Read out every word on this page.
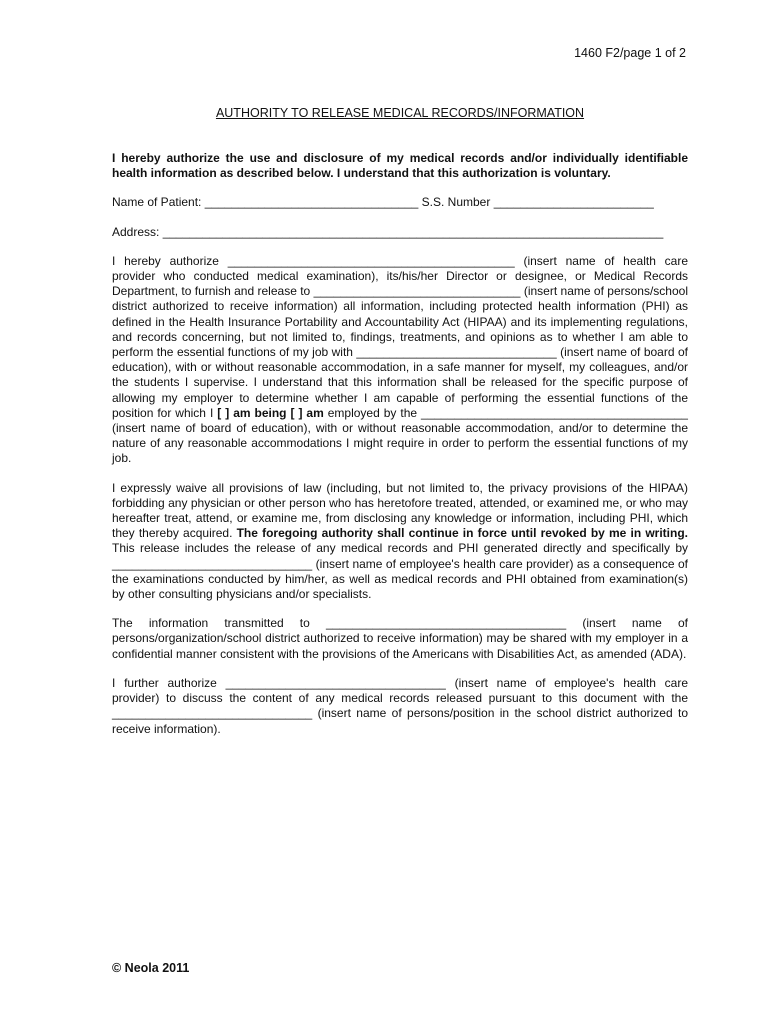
1460 F2/page 1 of 2
AUTHORITY TO RELEASE MEDICAL RECORDS/INFORMATION

I hereby authorize the use and disclosure of my medical records and/or individually identifiable health information as described below. I understand that this authorization is voluntary.

Name of Patient: ________________________________ S.S. Number ________________________
Address: ___________________________________________________________________________

I hereby authorize ___________________________________________ (insert name of health care provider who conducted medical examination), its/his/her Director or designee, or Medical Records Department, to furnish and release to _______________________________ (insert name of persons/school district authorized to receive information) all information, including protected health information (PHI) as defined in the Health Insurance Portability and Accountability Act (HIPAA) and its implementing regulations, and records concerning, but not limited to, findings, treatments, and opinions as to whether I am able to perform the essential functions of my job with ______________________________ (insert name of board of education), with or without reasonable accommodation, in a safe manner for myself, my colleagues, and/or the students I supervise. I understand that this information shall be released for the specific purpose of allowing my employer to determine whether I am capable of performing the essential functions of the position for which I [ ] am being [ ] am employed by the ________________________________________ (insert name of board of education), with or without reasonable accommodation, and/or to determine the nature of any reasonable accommodations I might require in order to perform the essential functions of my job.

I expressly waive all provisions of law (including, but not limited to, the privacy provisions of the HIPAA) forbidding any physician or other person who has heretofore treated, attended, or examined me, or who may hereafter treat, attend, or examine me, from disclosing any knowledge or information, including PHI, which they thereby acquired. The foregoing authority shall continue in force until revoked by me in writing. This release includes the release of any medical records and PHI generated directly and specifically by ______________________________ (insert name of employee's health care provider) as a consequence of the examinations conducted by him/her, as well as medical records and PHI obtained from examination(s) by other consulting physicians and/or specialists.

The information transmitted to ____________________________________ (insert name of persons/organization/school district authorized to receive information) may be shared with my employer in a confidential manner consistent with the provisions of the Americans with Disabilities Act, as amended (ADA).

I further authorize _________________________________ (insert name of employee's health care provider) to discuss the content of any medical records released pursuant to this document with the ______________________________ (insert name of persons/position in the school district authorized to receive information).

© Neola 2011
